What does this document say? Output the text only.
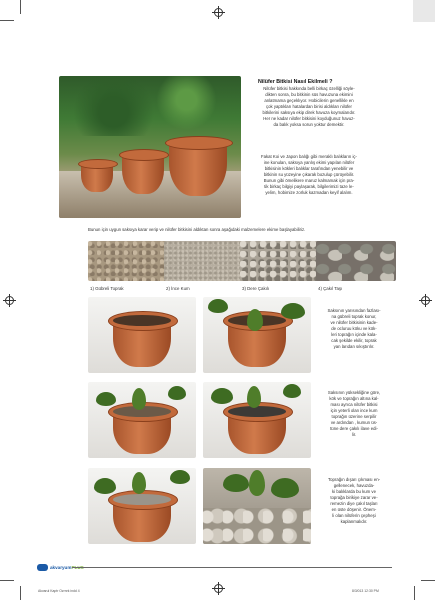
Nilüfer Bitkisi Nasıl Ekilmeli ?
Nilüfer bitkisi hakkında belli birkaç özelliği söyle-
dikten sonra, bu bitkinin süs havuzuna ekimini
anlatmama geçeklıyor. Hobicilerin genellikle en
çok yaptıkları hatalardan birisi aldıkları nilüfer
bitkilerini saksıya ekip direk havuza koymalarıdır.
Her ne kadar nilüfer bitkisini koyduğunuz havuz-
da balık yoksa sorun yoktur demektir.
Fakat Koi ve Japon balığı gibi meraklı balıkların iç-
ine konulan, saksıya yanlış ekimi yapılan nilüfer
bitkisinin kökleri balıklar tarafından yenebilir ve
bitkinin su yüzeyine çıkarak bozulup çürüyebilir.
Bunun gibi ömelikere maruz kalmamak için pra-
tik birkaç bilgiyi paylaşarak, bilgilerimizi taze le-
yelim, hobimize zorluk kazmadan keyif alalım.
Bunun için uygun saksıya karar verip ve nilüfer bitkisini aldıktan sonra aşağıdaki malzemelere ekime başlayabiliriz.
1) Gübreli Toprak	2) İnce Kum	3) Dere Çakılı	4) Çakıl Taşı
Saksının yarısından fazlası-
na gübreli toprak konur,
ve nilüfer bitkisinin kade-
de ocluruu köku ve kök-
leri toprağın içinde kala-
cak şekilde ekilir, toprak
yan larıdan sıkıştırılır.
Saksının yüksekliğine göre,
kök ve toprağın altına kal-
ması ayrıca nilüfer bitkisi
için yeterli olan ince kum
toprağın üzerine serpilir
ve ardından , kumun üs-
tüne dere çakılı ilave edi-
lir.
Toprağın dışarı çıkması en-
gellenecek, havuzda-
ki balıklarda bu kum ve
toprağa birikiye zarar ve-
remezin diye çakıl taşları
en üste döşenir. Önem-
li olan nilüferin çepheşi
kaplanmalıdır.
akvaryum
Akvarul Kaptr Ozrnrk indd 4	8/3/013 12:30 PM
